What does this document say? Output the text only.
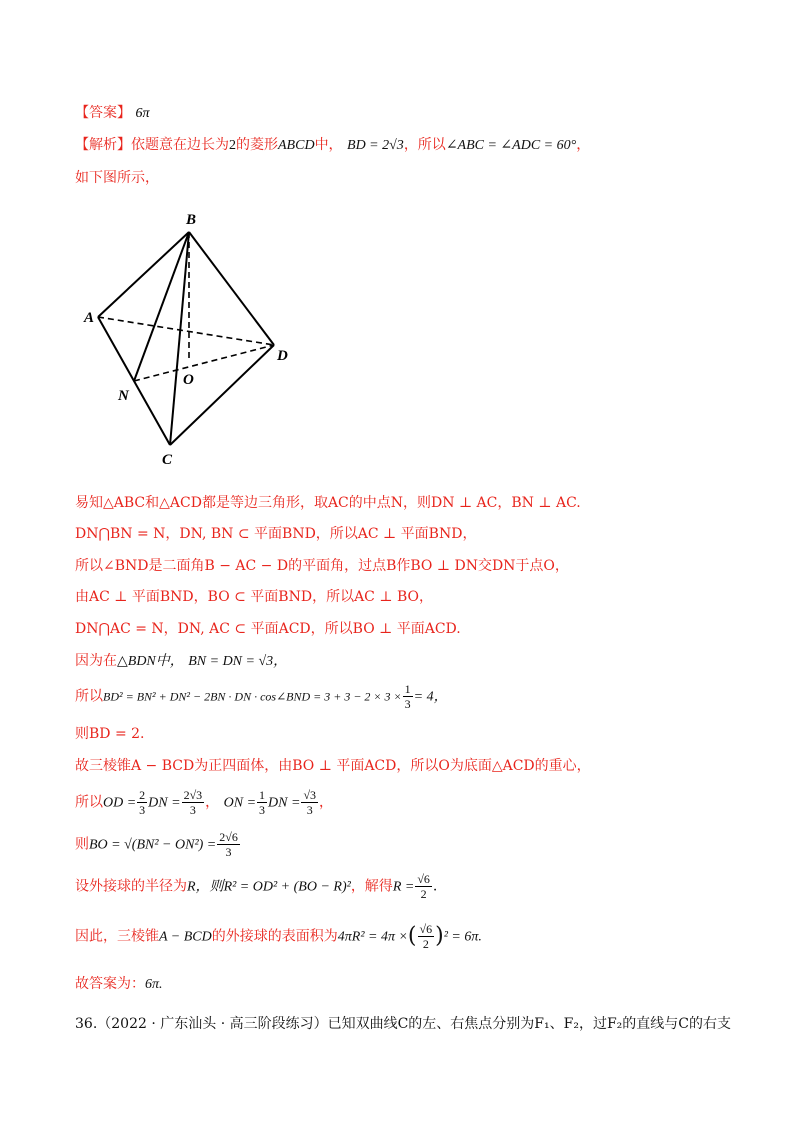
【答案】 6π
【解析】依题意在边长为2的菱形ABCD中， BD = 2√3，所以∠ABC = ∠ADC = 60°，
如下图所示，
B
A
D
N
O
C
易知△ABC和△ACD都是等边三角形，取AC的中点N，则DN ⊥ AC，BN ⊥ AC.
DN⋂BN = N，DN, BN ⊂ 平面BND，所以AC ⊥ 平面BND，
所以∠BND是二面角B − AC − D的平面角，过点B作BO ⊥ DN交DN于点O，
由AC ⊥ 平面BND，BO ⊂ 平面BND，所以AC ⊥ BO，
DN⋂AC = N，DN, AC ⊂ 平面ACD，所以BO ⊥ 平面ACD.
因为在△BDN中， BN = DN = √3，
所以BD² = BN² + DN² − 2BN · DN · cos∠BND = $3 + 3 - 2 \times 3 \times \frac{1}{3} = 4$，
则BD = 2.
故三棱锥A − BCD为正四面体，由BO ⊥ 平面ACD，所以O为底面△ACD的重心，
所以OD = $\frac{2}{3}$ DN = $\frac{2√3}{3}$ ， ON = $\frac{1}{3}$ DN = $\frac{√3}{3}$ ，
则BO = $√(BN^2 - ON^2) = \frac{2√6}{3}$
设外接球的半径为R，则R² = OD² + (BO − R)²，解得$R = \frac{√6}{2}$ .
因此，三棱锥A − BCD的外接球的表面积为4πR² = 4π ×( $\frac{√6}{2} )^2 = 6\pi$.
故答案为：6π.
36.（2022 · 广东汕头 · 高三阶段练习）已知双曲线C的左、右焦点分别为F₁、F₂，过F₂的直线与C的右支
